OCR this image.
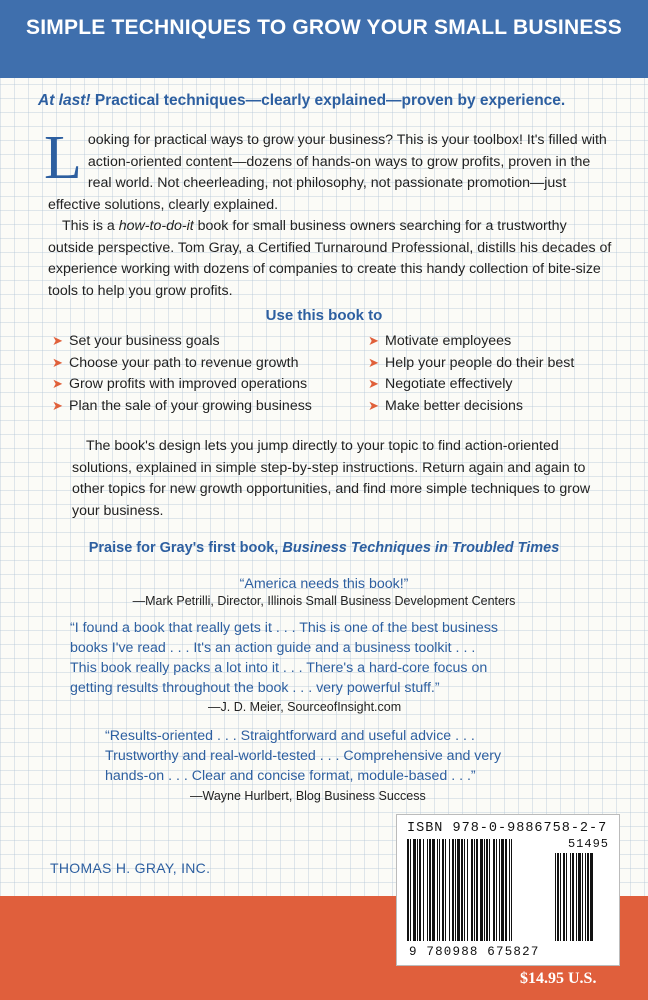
SIMPLE TECHNIQUES TO GROW YOUR SMALL BUSINESS
At last! Practical techniques—clearly explained—proven by experience.

Looking for practical ways to grow your business? This is your toolbox! It's filled with action-oriented content—dozens of hands-on ways to grow profits, proven in the real world. Not cheerleading, not philosophy, not passionate promotion—just effective solutions, clearly explained.

This is a how-to-do-it book for small business owners searching for a trustworthy outside perspective. Tom Gray, a Certified Turnaround Professional, distills his decades of experience working with dozens of companies to create this handy collection of bite-size tools to help you grow profits.

Use this book to
➤ Set your business goals
➤ Choose your path to revenue growth
➤ Grow profits with improved operations
➤ Plan the sale of your growing business
➤ Motivate employees
➤ Help your people do their best
➤ Negotiate effectively
➤ Make better decisions

The book's design lets you jump directly to your topic to find action-oriented solutions, explained in simple step-by-step instructions. Return again and again to other topics for new growth opportunities, and find more simple techniques to grow your business.

Praise for Gray's first book, Business Techniques in Troubled Times
“America needs this book!”
—Mark Petrilli, Director, Illinois Small Business Development Centers

“I found a book that really gets it . . . This is one of the best business

books I've read . . . It's an action guide and a business toolkit . . .

This book really packs a lot into it . . . There's a hard-core focus on

getting results throughout the book . . . very powerful stuff.”

—J. D. Meier, SourceofInsight.com

“Results-oriented . . . Straightforward and useful advice . . .

Trustworthy and real-world-tested . . . Comprehensive and very

hands-on . . . Clear and concise format, module-based . . .”

—Wayne Hurlbert, Blog Business Success
THOMAS H. GRAY, INC.
ISBN 978-0-9886758-2-7
51495
9 780988 675827
$14.95 U.S.
